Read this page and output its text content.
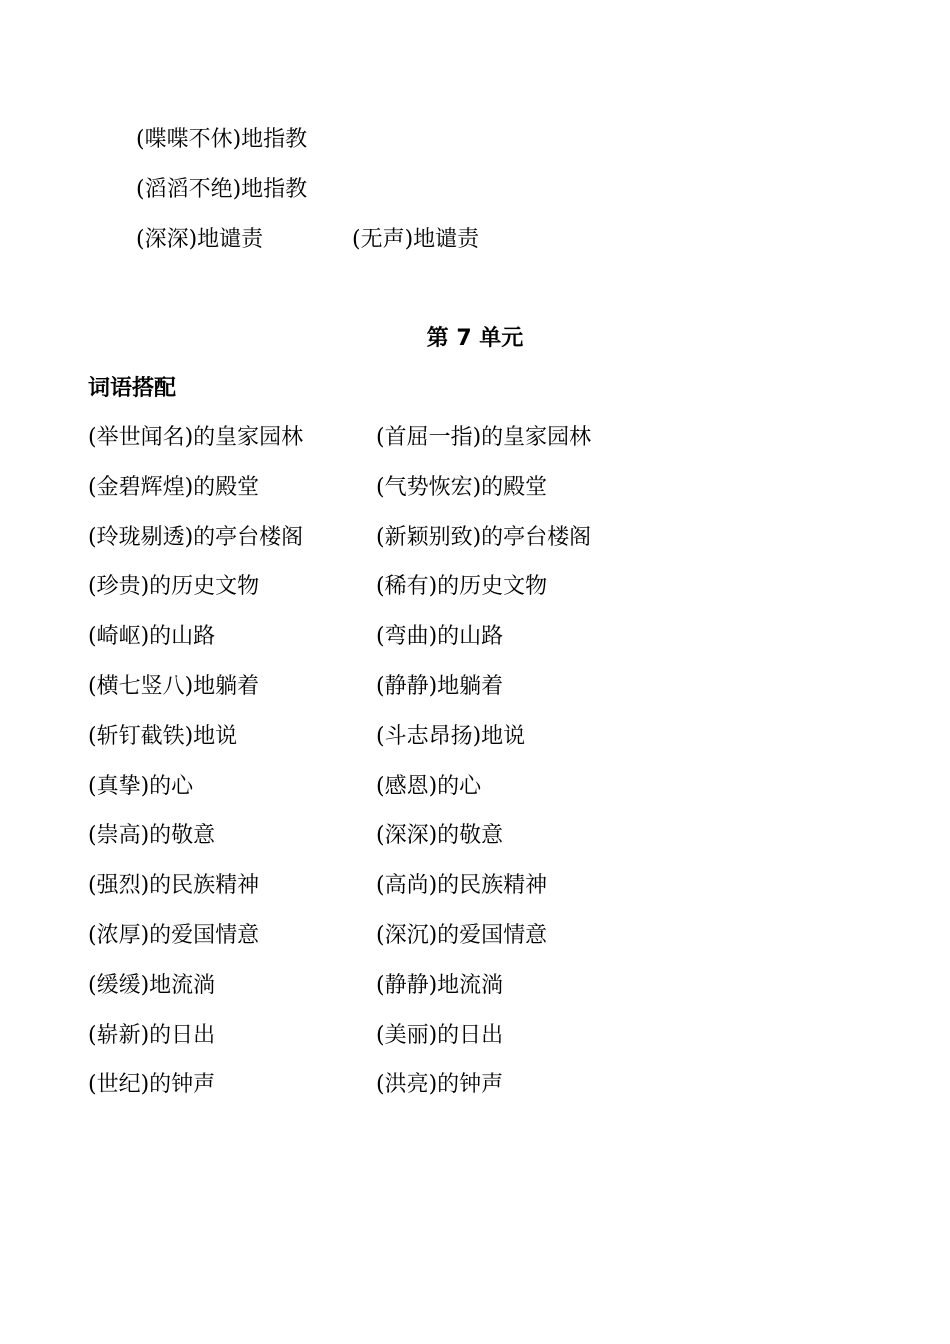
(喋喋不休)地指教
(滔滔不绝)地指教
(深深)地谴责	(无声)地谴责
第 7 单元
词语搭配
(举世闻名)的皇家园林	(首屈一指)的皇家园林
(金碧辉煌)的殿堂	(气势恢宏)的殿堂
(玲珑剔透)的亭台楼阁	(新颖别致)的亭台楼阁
(珍贵)的历史文物	(稀有)的历史文物
(崎岖)的山路	(弯曲)的山路
(横七竖八)地躺着	(静静)地躺着
(斩钉截铁)地说	(斗志昂扬)地说
(真挚)的心	(感恩)的心
(崇高)的敬意	(深深)的敬意
(强烈)的民族精神	(高尚)的民族精神
(浓厚)的爱国情意	(深沉)的爱国情意
(缓缓)地流淌	(静静)地流淌
(崭新)的日出	(美丽)的日出
(世纪)的钟声	(洪亮)的钟声
